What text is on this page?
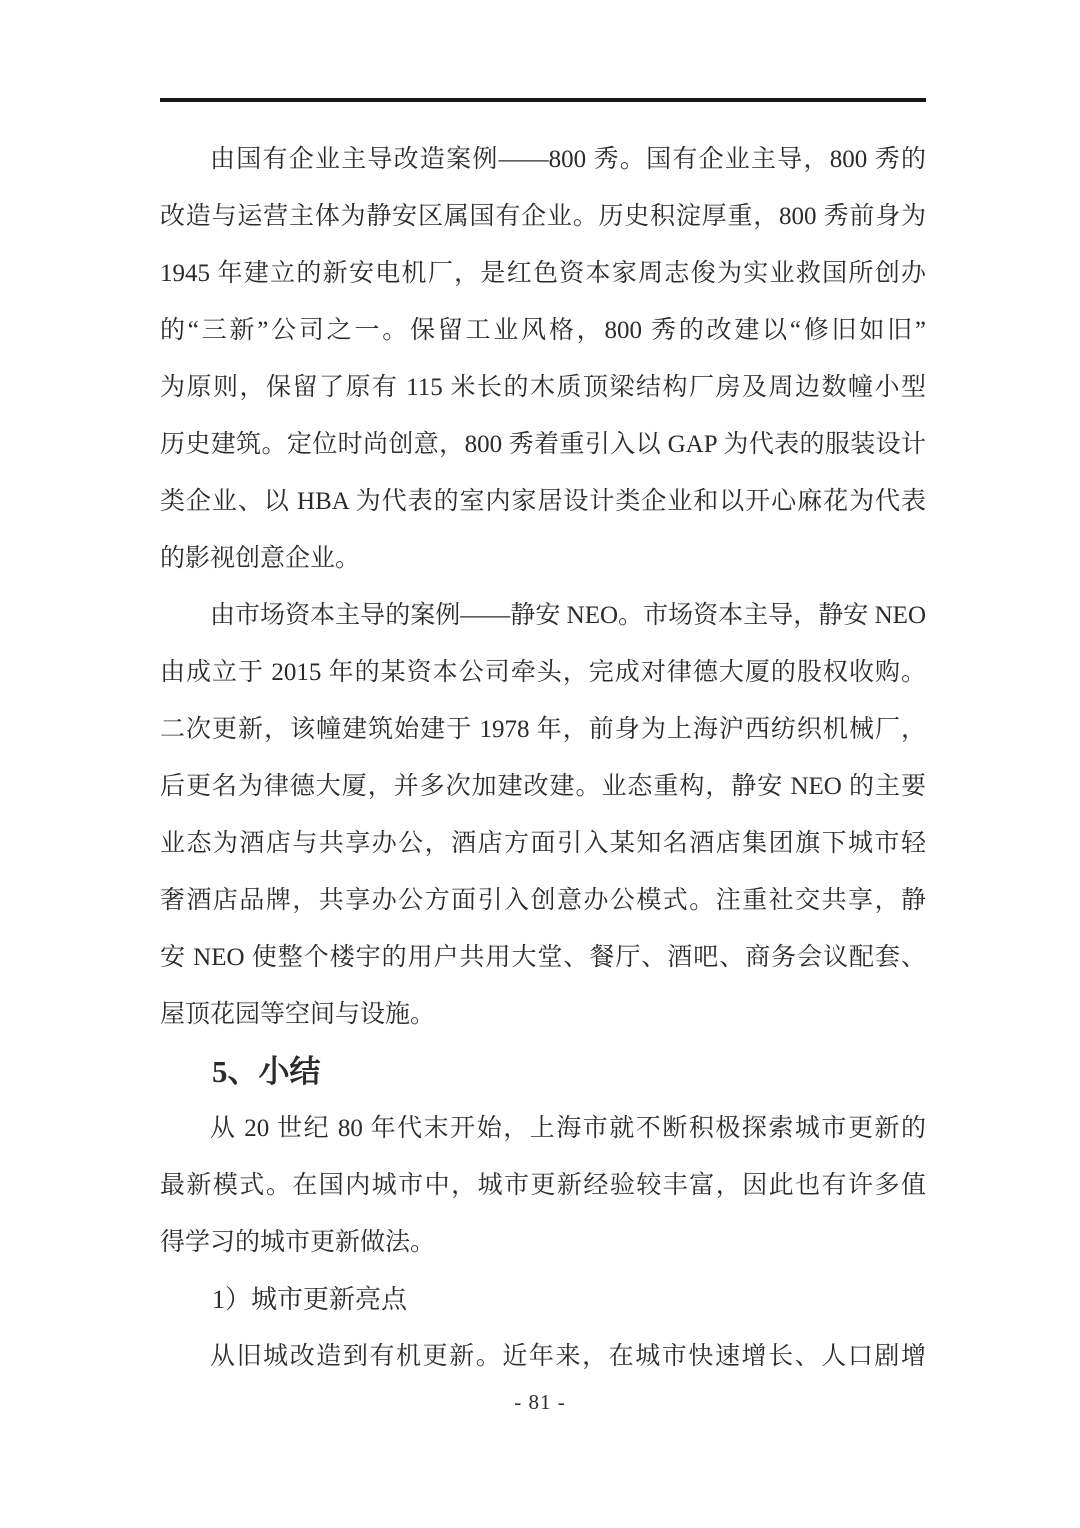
由国有企业主导改造案例——800 秀。国有企业主导，800 秀的
改造与运营主体为静安区属国有企业。历史积淀厚重，800 秀前身为
1945 年建立的新安电机厂，是红色资本家周志俊为实业救国所创办
的“三新”公司之一。保留工业风格，800 秀的改建以“修旧如旧”
为原则，保留了原有 115 米长的木质顶梁结构厂房及周边数幢小型
历史建筑。定位时尚创意，800 秀着重引入以 GAP 为代表的服装设计
类企业、以 HBA 为代表的室内家居设计类企业和以开心麻花为代表
的影视创意企业。
由市场资本主导的案例——静安 NEO。市场资本主导，静安 NEO
由成立于 2015 年的某资本公司牵头，完成对律德大厦的股权收购。
二次更新，该幢建筑始建于 1978 年，前身为上海沪西纺织机械厂，
后更名为律德大厦，并多次加建改建。业态重构，静安 NEO 的主要
业态为酒店与共享办公，酒店方面引入某知名酒店集团旗下城市轻
奢酒店品牌，共享办公方面引入创意办公模式。注重社交共享，静
安 NEO 使整个楼宇的用户共用大堂、餐厅、酒吧、商务会议配套、
屋顶花园等空间与设施。
5、小结
从 20 世纪 80 年代末开始，上海市就不断积极探索城市更新的
最新模式。在国内城市中，城市更新经验较丰富，因此也有许多值
得学习的城市更新做法。
1）城市更新亮点
从旧城改造到有机更新。近年来，在城市快速增长、人口剧增
- 81 -
